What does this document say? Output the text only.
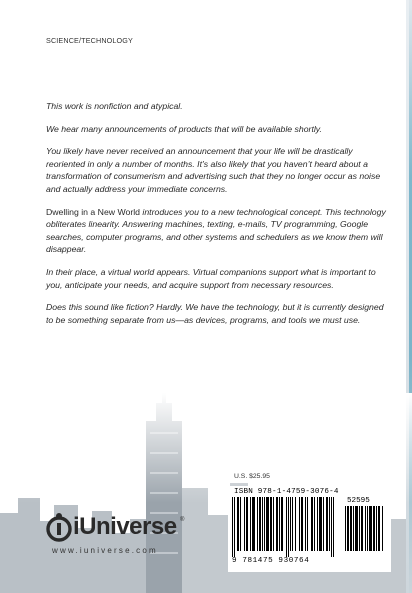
SCIENCE/TECHNOLOGY

This work is nonfiction and atypical.

We hear many announcements of products that will be available shortly.

You likely have never received an announcement that your life will be drastically reoriented in only a number of months. It’s also likely that you haven’t heard about a transformation of consumerism and advertising such that they no longer occur as noise and actually address your immediate concerns.

Dwelling in a New World introduces you to a new technological concept. This technology obliterates linearity. Answering machines, texting, e-mails, TV programming, Google searches, computer programs, and other systems and schedulers as we know them will disappear.

In their place, a virtual world appears. Virtual companions support what is important to you, anticipate your needs, and acquire support from necessary resources.

Does this sound like fiction? Hardly. We have the technology, but it is currently designed to be something separate from us—as devices, programs, and tools we must use.

iUniverse ®
www.iuniverse.com
U.S. $25.95
ISBN 978-1-4759-3076-4
52595
9 781475 930764
